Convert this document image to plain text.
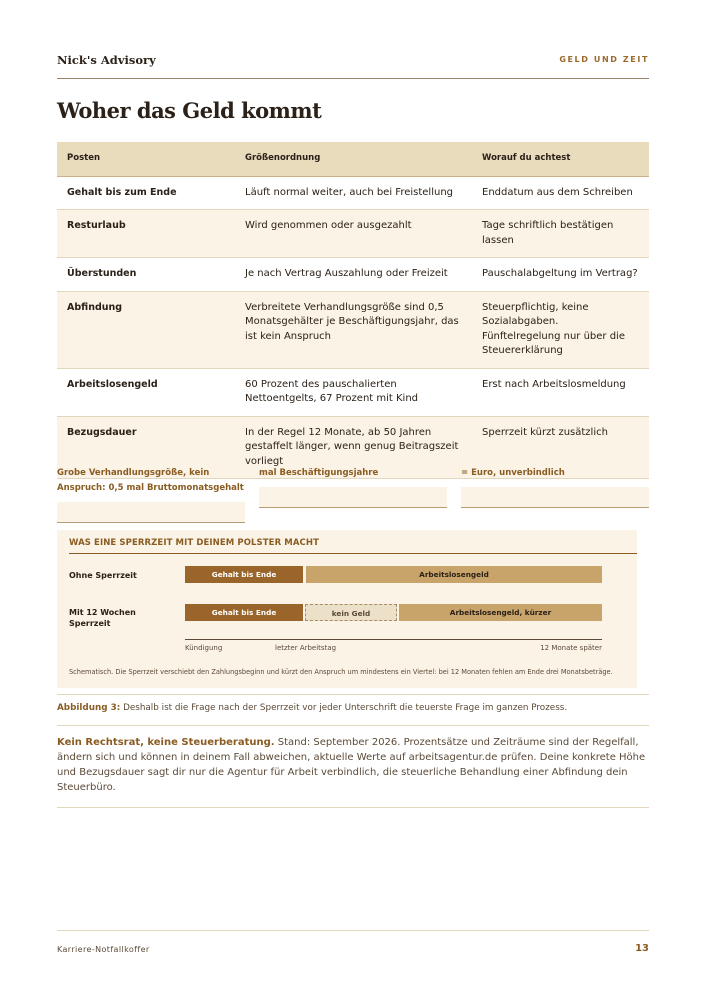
Nick's Advisory	GELD UND ZEIT
Woher das Geld kommt
Posten	Größenordnung	Worauf du achtest
Gehalt bis zum Ende	Läuft normal weiter, auch bei Freistellung	Enddatum aus dem Schreiben
Resturlaub	Wird genommen oder ausgezahlt	Tage schriftlich bestätigen lassen
Überstunden	Je nach Vertrag Auszahlung oder Freizeit	Pauschalabgeltung im Vertrag?
Abfindung	Verbreitete Verhandlungsgröße sind 0,5 Monatsgehälter je Beschäftigungsjahr, das ist kein Anspruch	Steuerpflichtig, keine Sozialabgaben. Fünftelregelung nur über die Steuererklärung
Arbeitslosengeld	60 Prozent des pauschalierten Nettoentgelts, 67 Prozent mit Kind	Erst nach Arbeitslosmeldung
Bezugsdauer	In der Regel 12 Monate, ab 50 Jahren gestaffelt länger, wenn genug Beitragszeit vorliegt	Sperrzeit kürzt zusätzlich
Grobe Verhandlungsgröße, kein Anspruch: 0,5 mal Bruttomonatsgehalt
mal Beschäftigungsjahre	= Euro, unverbindlich
WAS EINE SPERRZEIT MIT DEINEM POLSTER MACHT
Ohne Sperrzeit	Gehalt bis Ende	Arbeitslosengeld
Mit 12 Wochen Sperrzeit
Gehalt bis Ende	kein Geld	Arbeitslosengeld, kürzer
Kündigung	letzter Arbeitstag	12 Monate später
Schematisch. Die Sperrzeit verschiebt den Zahlungsbeginn und kürzt den Anspruch um mindestens ein Viertel: bei 12 Monaten fehlen am Ende drei Monatsbeträge.
Abbildung 3: Deshalb ist die Frage nach der Sperrzeit vor jeder Unterschrift die teuerste Frage im ganzen Prozess.
Kein Rechtsrat, keine Steuerberatung. Stand: September 2026. Prozentsätze und Zeiträume sind der Regelfall, ändern sich und können in deinem Fall abweichen, aktuelle Werte auf arbeitsagentur.de prüfen. Deine konkrete Höhe und Bezugsdauer sagt dir nur die Agentur für Arbeit verbindlich, die steuerliche Behandlung einer Abfindung dein Steuerbüro.
Karriere-Notfallkoffer	13
